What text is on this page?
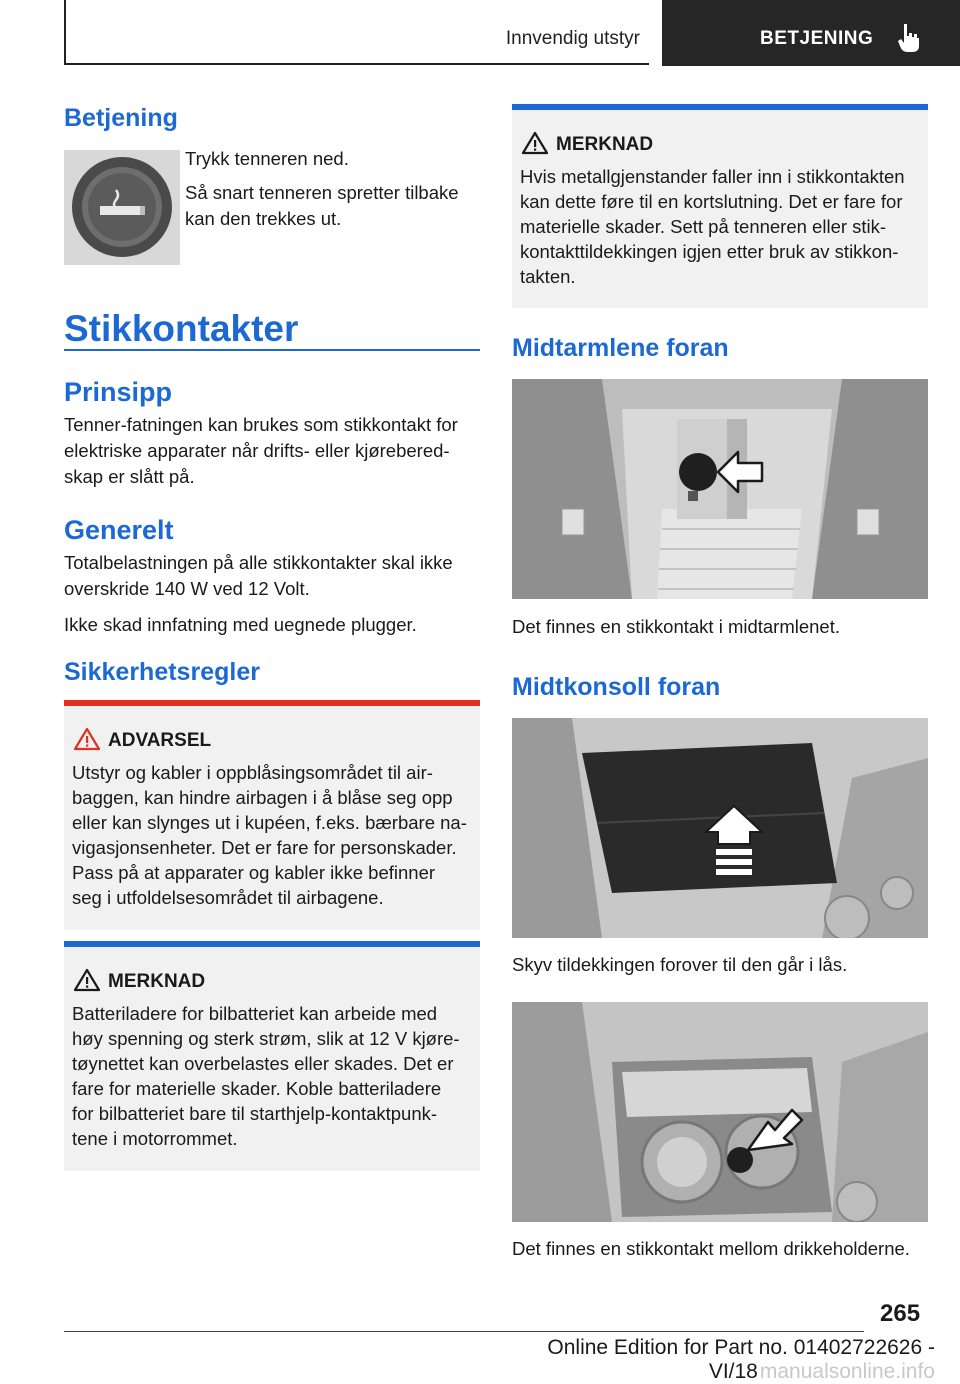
Innvendig utstyr	BETJENING
Betjening

Trykk tenneren ned.

Så snart tenneren spretter tilbake

kan den trekkes ut.

Stikkontakter
Prinsipp

Tenner-fatningen kan brukes som stikkontakt for

elektriske apparater når drifts- eller kjørebered-

skap er slått på.

Generelt

Totalbelastningen på alle stikkontakter skal ikke

overskride 140 W ved 12 Volt.

Ikke skad innfatning med uegnede plugger.

Sikkerhetsregler
ADVARSEL
Utstyr og kabler i oppblåsingsområdet til air-
baggen, kan hindre airbagen i å blåse seg opp
eller kan slynges ut i kupéen, f.eks. bærbare na-
vigasjonsenheter. Det er fare for personskader.
Pass på at apparater og kabler ikke befinner
seg i utfoldelsesområdet til airbagene.
MERKNAD
Batteriladere for bilbatteriet kan arbeide med
høy spenning og sterk strøm, slik at 12 V kjøre-
tøynettet kan overbelastes eller skades. Det er
fare for materielle skader. Koble batteriladere
for bilbatteriet bare til starthjelp-kontaktpunk-
tene i motorrommet.
MERKNAD
Hvis metallgjenstander faller inn i stikkontakten
kan dette føre til en kortslutning. Det er fare for
materielle skader. Sett på tenneren eller stik-
kontakttildekkingen igjen etter bruk av stikkon-
takten.
Midtarmlene foran
Det finnes en stikkontakt i midtarmlenet.
Midtkonsoll foran
Skyv tildekkingen forover til den går i lås.
Det finnes en stikkontakt mellom drikkeholderne.
265
Online Edition for Part no. 01402722626 - VI/18manualsonline.info
